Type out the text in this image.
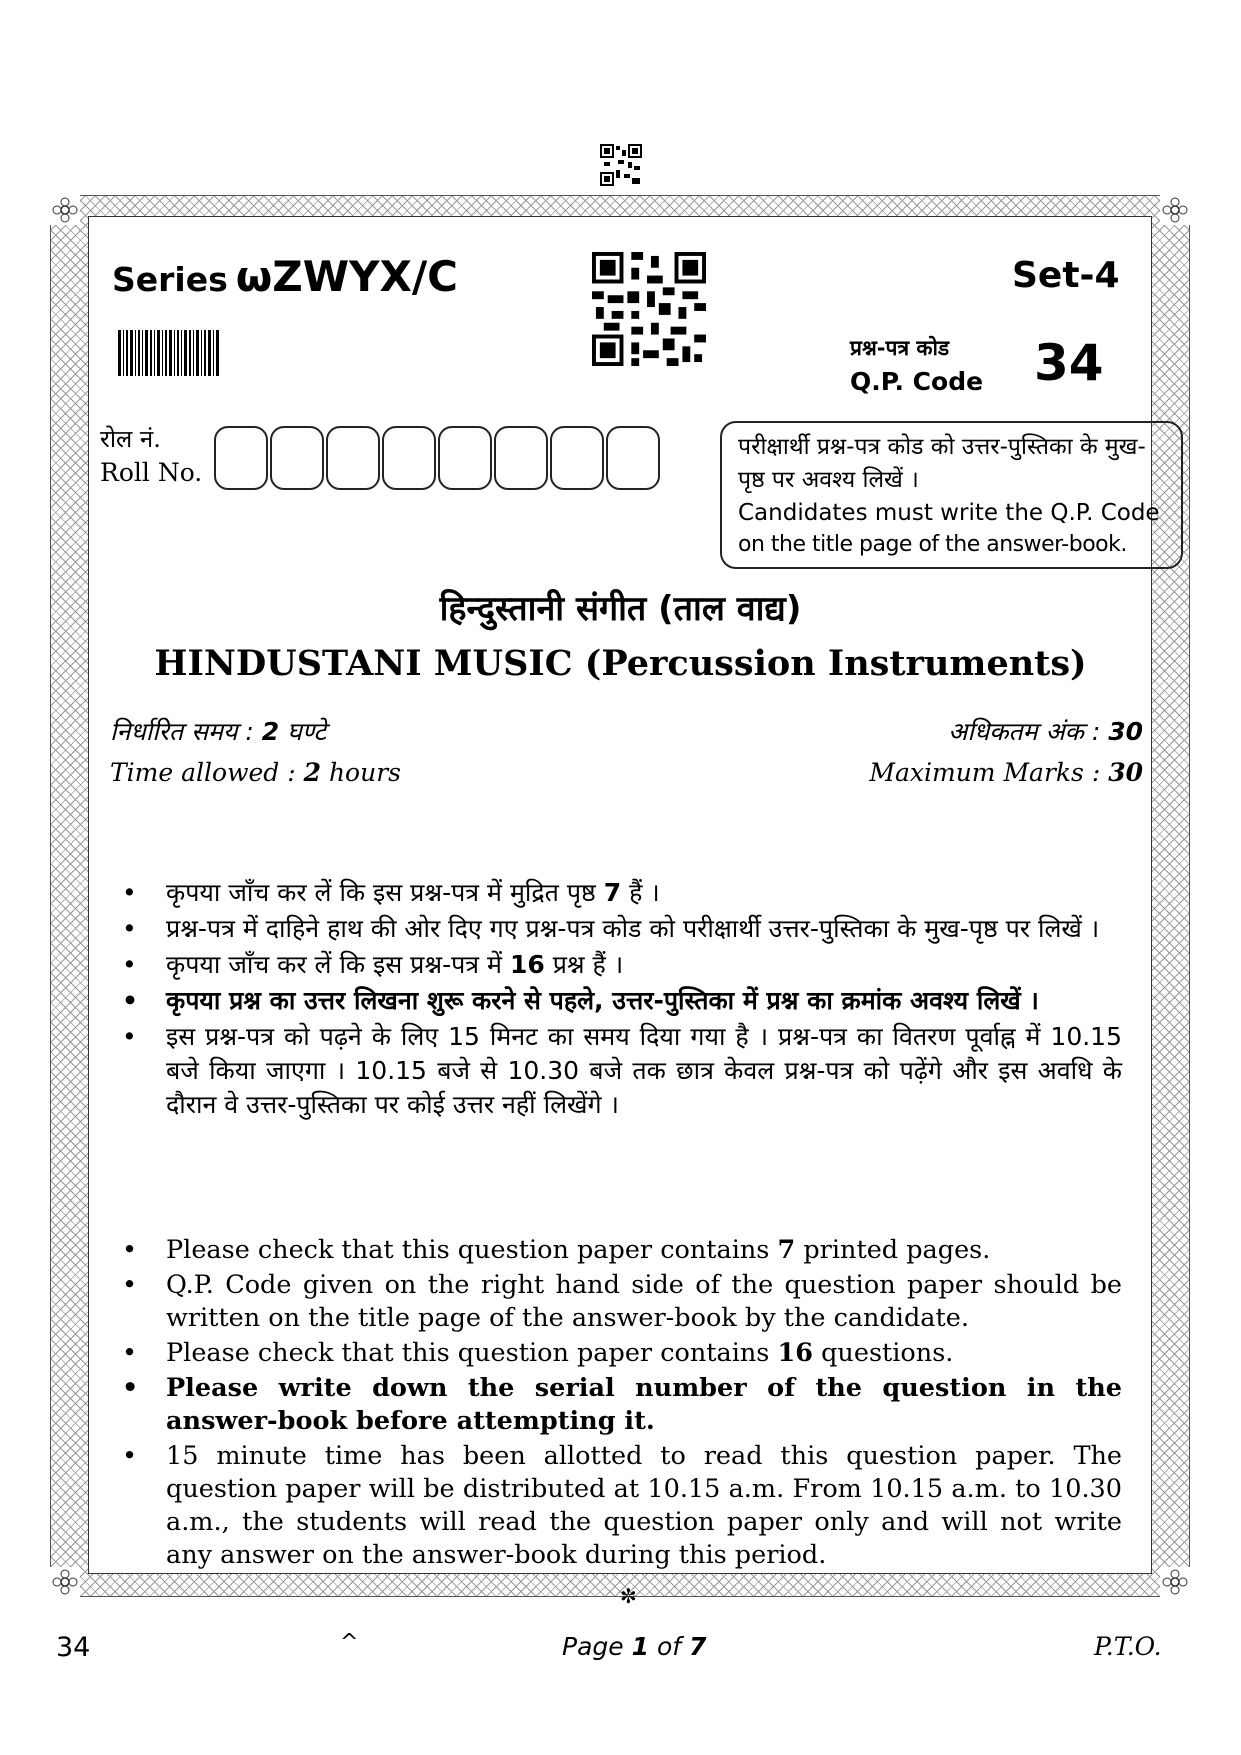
Series ωZWYX/C	Set-4
प्रश्न-पत्र कोड
Q.P. Code 34
रोल नं.
Roll No.
परीक्षार्थी प्रश्न-पत्र कोड को उत्तर-पुस्तिका के मुख-पृष्ठ पर अवश्य लिखें ।
Candidates must write the Q.P. Code
on the title page of the answer-book.
हिन्दुस्तानी संगीत (ताल वाद्य)
HINDUSTANI MUSIC (Percussion Instruments)
निर्धारित समय : 2 घण्टे
Time allowed : 2 hours
अधिकतम अंक : 30
Maximum Marks : 30
• कृपया जाँच कर लें कि इस प्रश्न-पत्र में मुद्रित पृष्ठ 7 हैं ।
• प्रश्न-पत्र में दाहिने हाथ की ओर दिए गए प्रश्न-पत्र कोड को परीक्षार्थी उत्तर-पुस्तिका के मुख-पृष्ठ पर लिखें ।
• कृपया जाँच कर लें कि इस प्रश्न-पत्र में 16 प्रश्न हैं ।
• कृपया प्रश्न का उत्तर लिखना शुरू करने से पहले, उत्तर-पुस्तिका में प्रश्न का क्रमांक अवश्य लिखें ।
• इस प्रश्न-पत्र को पढ़ने के लिए 15 मिनट का समय दिया गया है । प्रश्न-पत्र का वितरण पूर्वाह्न में 10.15 बजे किया जाएगा । 10.15 बजे से 10.30 बजे तक छात्र केवल प्रश्न-पत्र को पढ़ेंगे और इस अवधि के दौरान वे उत्तर-पुस्तिका पर कोई उत्तर नहीं लिखेंगे ।
• Please check that this question paper contains 7 printed pages.
• Q.P. Code given on the right hand side of the question paper should be written on the title page of the answer-book by the candidate.
• Please check that this question paper contains 16 questions.
• Please write down the serial number of the question in the answer-book before attempting it.
• 15 minute time has been allotted to read this question paper. The question paper will be distributed at 10.15 a.m. From 10.15 a.m. to 10.30 a.m., the students will read the question paper only and will not write any answer on the answer-book during this period.
✼
34	^	Page 1 of 7	P.T.O.
